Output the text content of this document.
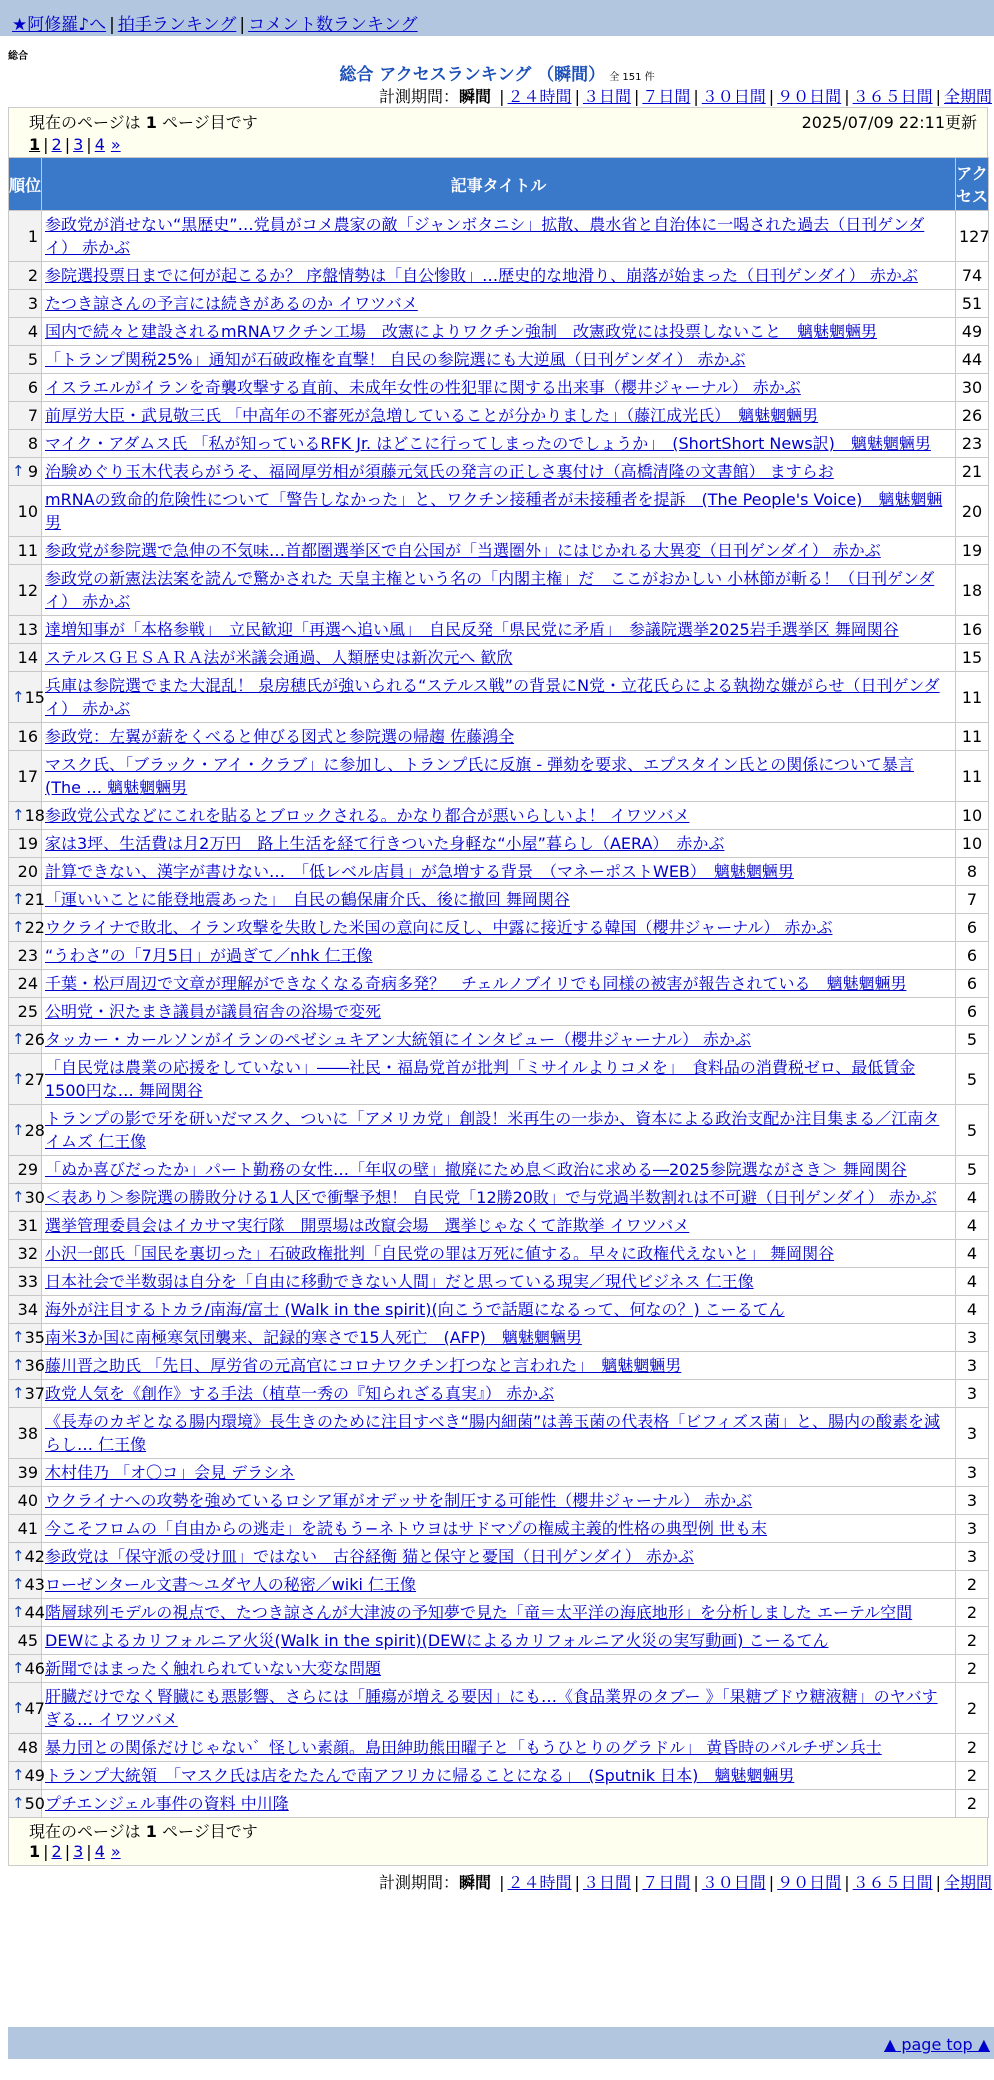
★阿修羅♪へ | 拍手ランキング | コメント数ランキング
総合
総合 アクセスランキング （瞬間） 全 151 件
計測期間：瞬間 | ２４時間 | ３日間 | ７日間 | ３０日間 | ９０日間 | ３６５日間 | 全期間
現在のページは 1 ページ目です	2025/07/09 22:11更新
1 | 2 | 3 | 4 »
順位	記事タイトル	アクセス
1	参政党が消せない“黒歴史”…党員がコメ農家の敵「ジャンボタニシ」拡散、農水省と自治体に一喝された過去（日刊ゲンダイ） 赤かぶ	127
2	参院選投票日までに何が起こるか？ 序盤情勢は「自公惨敗」…歴史的な地滑り、崩落が始まった（日刊ゲンダイ） 赤かぶ	74
3	たつき諒さんの予言には続きがあるのか イワツバメ	51
4	国内で続々と建設されるmRNAワクチン工場　改憲によりワクチン強制　改憲政党には投票しないこと　魑魅魍魎男	49
5	「トランプ関税25%」通知が石破政権を直撃！ 自民の参院選にも大逆風（日刊ゲンダイ） 赤かぶ	44
6	イスラエルがイランを奇襲攻撃する直前、未成年女性の性犯罪に関する出来事（櫻井ジャーナル） 赤かぶ	30
7	前厚労大臣・武見敬三氏 「中高年の不審死が急増していることが分かりました」（藤江成光氏）　魑魅魍魎男	26
8	マイク・アダムス氏 「私が知っているRFK Jr. はどこに行ってしまったのでしょうか」　(ShortShort News訳)　魑魅魍魎男	23

↑ 9	治験めぐり玉木代表らがうそ、福岡厚労相が須藤元気氏の発言の正しさ裏付け（高橋清隆の文書館） ますらお	21
10	mRNAの致命的危険性について「警告しなかった」と、ワクチン接種者が未接種者を提訴　(The People's Voice)　魑魅魍魎男	20
11	参政党が参院選で急伸の不気味…首都圏選挙区で自公国が「当選圏外」にはじかれる大異変（日刊ゲンダイ） 赤かぶ	19
12	参政党の新憲法法案を読んで驚かされた 天皇主権という名の「内閣主権」だ　ここがおかしい 小林節が斬る！（日刊ゲンダイ） 赤かぶ	18
13	達増知事が「本格参戦」　立民歓迎「再選へ追い風」　自民反発「県民党に矛盾」　参議院選挙2025岩手選挙区 舞岡関谷	16
14	ステルスＧＥＳＡＲＡ法が米議会通過、人類歴史は新次元へ 歓欣	15

↑ 15	兵庫は参院選でまた大混乱！ 泉房穂氏が強いられる“ステルス戦”の背景にN党・立花氏らによる執拗な嫌がらせ（日刊ゲンダイ） 赤かぶ	11
16	参政党：左翼が薪をくべると伸びる図式と参院選の帰趨 佐藤鴻全	11
17	マスク氏、「ブラック・アイ・クラブ」に参加し、トランプ氏に反旗 - 弾劾を要求、エプスタイン氏との関係について暴言 (The … 魑魅魍魎男	11

↑ 18	参政党公式などにこれを貼るとブロックされる。かなり都合が悪いらしいよ！ イワツバメ	10
19	家は3坪、生活費は月2万円　路上生活を経て行きついた身軽な“小屋”暮らし（AERA）　赤かぶ	10
20	計算できない、漢字が書けない…　「低レベル店員」が急増する背景　（マネーポストWEB）　魑魅魍魎男	8

↑ 21	「運いいことに能登地震あった」　自民の鶴保庸介氏、後に撤回 舞岡関谷	7

↑ 22	ウクライナで敗北、イラン攻撃を失敗した米国の意向に反し、中露に接近する韓国（櫻井ジャーナル） 赤かぶ	6
23	“うわさ”の「7月5日」が過ぎて／nhk 仁王像	6
24	千葉・松戸周辺で文章が理解ができなくなる奇病多発？　チェルノブイリでも同様の被害が報告されている　魑魅魍魎男	6
25	公明党・沢たまき議員が議員宿舎の浴場で変死	6

↑ 26	タッカー・カールソンがイランのペゼシュキアン大統領にインタビュー（櫻井ジャーナル） 赤かぶ	5

↑ 27	「自民党は農業の応援をしていない」――社民・福島党首が批判「ミサイルよりコメを」　食料品の消費税ゼロ、最低賃金1500円な… 舞岡関谷	5

↑ 28	トランプの影で牙を研いだマスク、ついに「アメリカ党」創設！米再生の一歩か、資本による政治支配か注目集まる／江南タイムズ 仁王像	5
29	「ぬか喜びだったか」パート勤務の女性…「年収の壁」撤廃にため息＜政治に求める―2025参院選ながさき＞ 舞岡関谷	5

↑ 30	＜表あり＞参院選の勝敗分ける1人区で衝撃予想！ 自民党「12勝20敗」で与党過半数割れは不可避（日刊ゲンダイ） 赤かぶ	4
31	選挙管理委員会はイカサマ実行隊　開票場は改竄会場　選挙じゃなくて詐欺挙 イワツバメ	4
32	小沢一郎氏「国民を裏切った」石破政権批判「自民党の罪は万死に値する。早々に政権代えないと」 舞岡関谷	4
33	日本社会で半数弱は自分を「自由に移動できない人間」だと思っている現実／現代ビジネス 仁王像	4
34	海外が注目するトカラ/南海/富士 (Walk in the spirit)(向こうで話題になるって、何なの？) こーるてん	4

↑ 35	南米3か国に南極寒気団襲来、記録的寒さで15人死亡　(AFP)　魑魅魍魎男	3

↑ 36	藤川晋之助氏 「先日、厚労省の元高官にコロナワクチン打つなと言われた」　魑魅魍魎男	3

↑ 37	政党人気を《創作》する手法（植草一秀の『知られざる真実』） 赤かぶ	3
38	《長寿のカギとなる腸内環境》長生きのために注目すべき“腸内細菌”は善玉菌の代表格「ビフィズス菌」と、腸内の酸素を減らし… 仁王像	3
39	木村佳乃 「オ〇コ」会見 デラシネ	3
40	ウクライナへの攻勢を強めているロシア軍がオデッサを制圧する可能性（櫻井ジャーナル） 赤かぶ	3
41	今こそフロムの「自由からの逃走」を読もう−ネトウヨはサドマゾの権威主義的性格の典型例 世も末	3

↑ 42	参政党は「保守派の受け皿」ではない　古谷経衡 猫と保守と憂国（日刊ゲンダイ） 赤かぶ	3

↑ 43	ローゼンタール文書〜ユダヤ人の秘密／wiki 仁王像	2

↑ 44	階層球列モデルの視点で、たつき諒さんが大津波の予知夢で見た「竜＝太平洋の海底地形」を分析しました エーテル空間	2
45	DEWによるカリフォルニア火災(Walk in the spirit)(DEWによるカリフォルニア火災の実写動画) こーるてん	2

↑ 46	新聞ではまったく触れられていない大変な問題	2

↑ 47	肝臓だけでなく腎臓にも悪影響、さらには「腫瘍が増える要因」にも…《食品業界のタブー 》「果糖ブドウ糖液糖」のヤバすぎる… イワツバメ	2
48	暴力団との関係だけじゃない゛怪しい素顔。島田紳助熊田曜子と「もうひとりのグラドル」 黄昏時のバルチザン兵士	2

↑ 49	トランプ大統領　「マスク氏は店をたたんで南アフリカに帰ることになる」　(Sputnik 日本)　魑魅魍魎男	2

↑ 50	プチエンジェル事件の資料 中川隆	2
現在のページは 1 ページ目です
1 | 2 | 3 | 4 »
計測期間：瞬間 | ２４時間 | ３日間 | ７日間 | ３０日間 | ９０日間 | ３６５日間 | 全期間
▲ page top ▲
